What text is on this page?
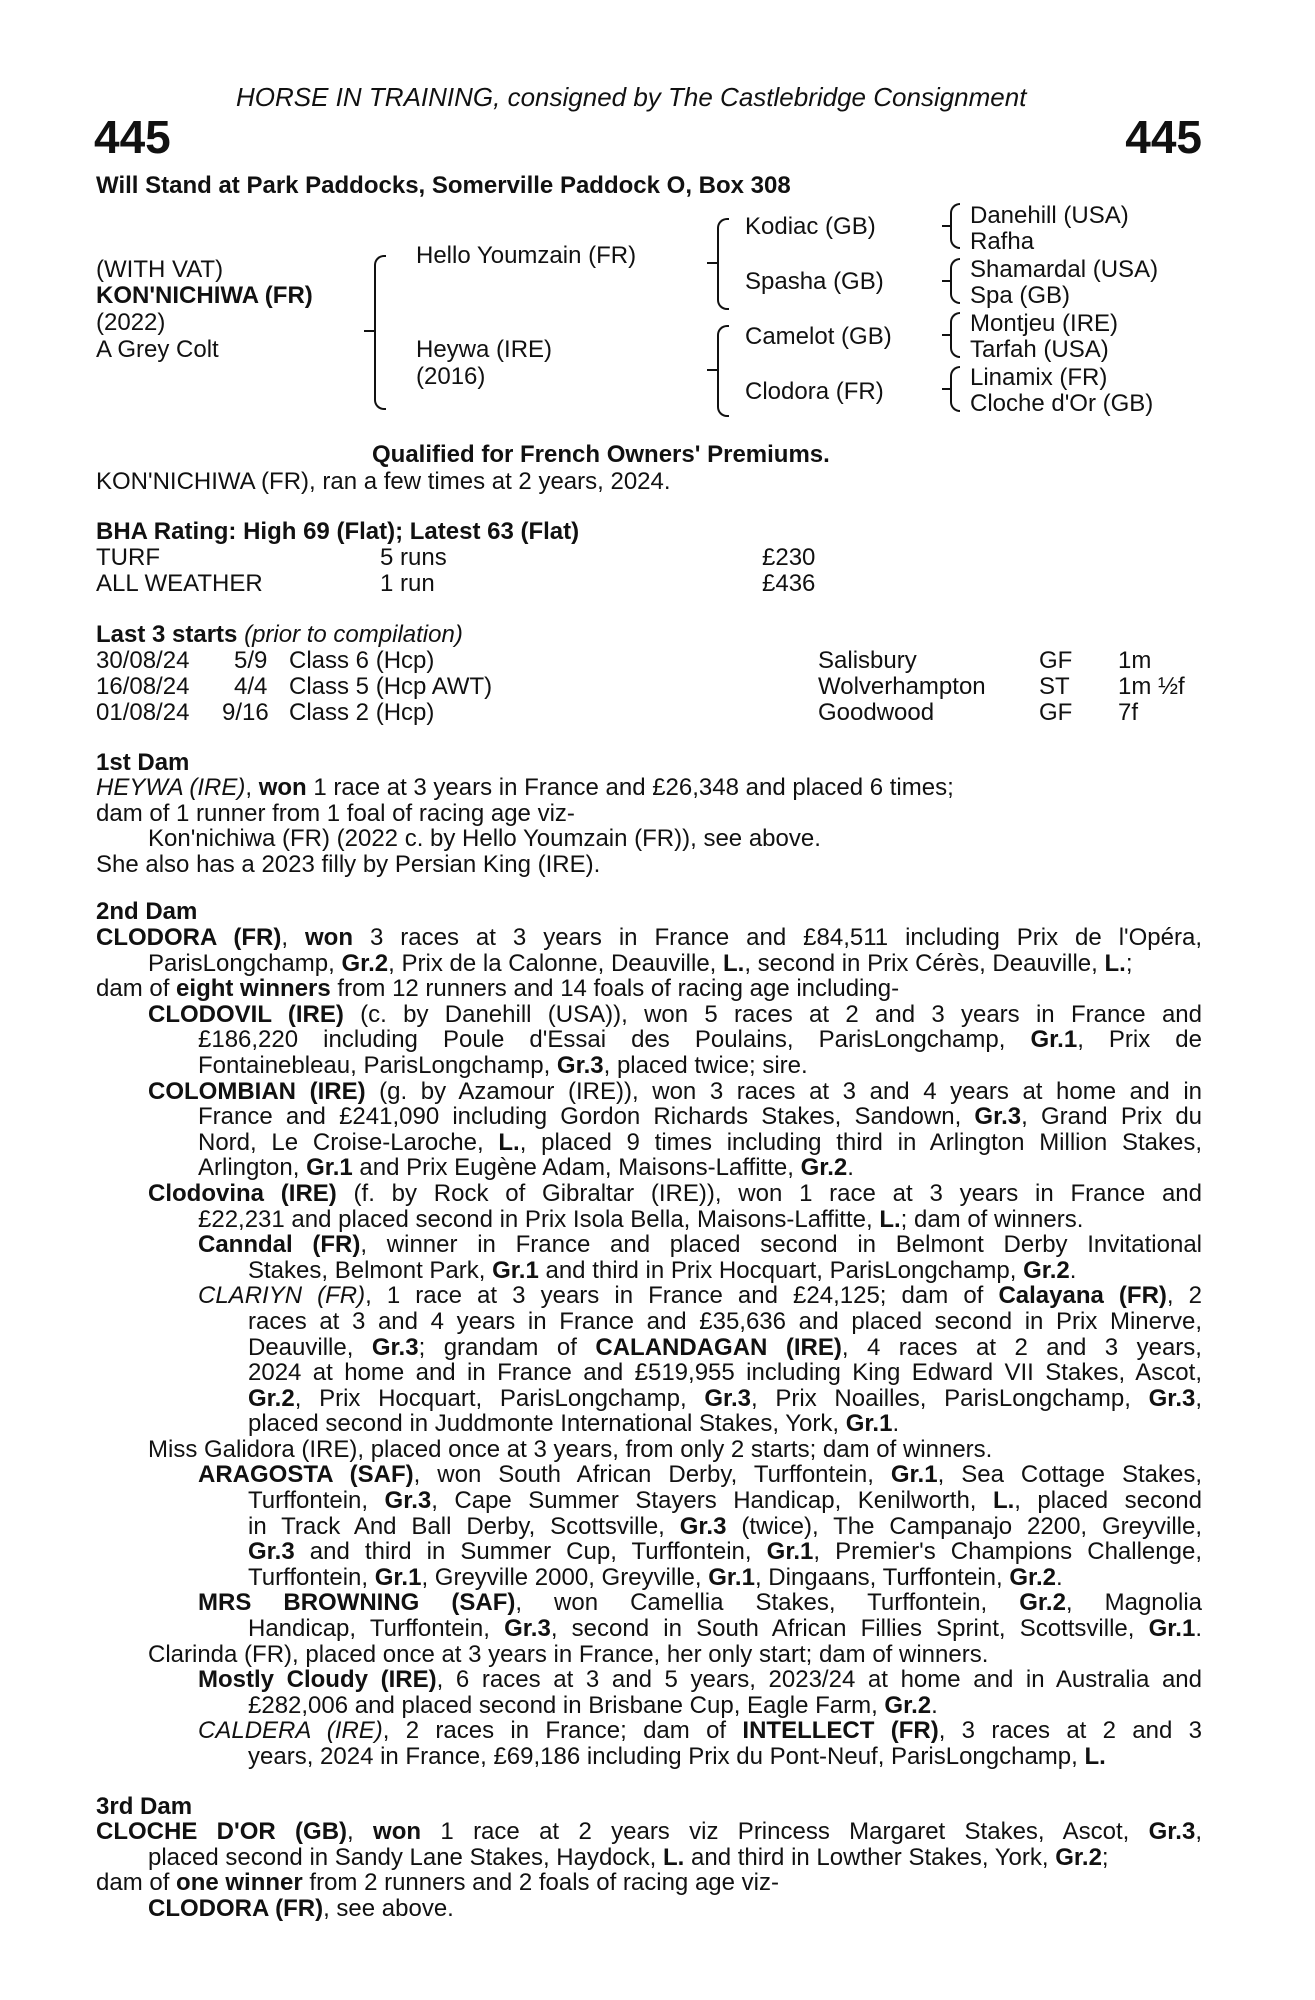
HORSE IN TRAINING, consigned by The Castlebridge Consignment
445	445
Will Stand at Park Paddocks, Somerville Paddock O, Box 308
(WITH VAT)
KON'NICHIWA (FR)
(2022)
A Grey Colt
Hello Youmzain (FR)
Heywa (IRE)
(2016)
Kodiac (GB)
Spasha (GB)
Camelot (GB)
Clodora (FR)
Danehill (USA)
Rafha
Shamardal (USA)
Spa (GB)
Montjeu (IRE)
Tarfah (USA)
Linamix (FR)
Cloche d'Or (GB)
Qualified for French Owners' Premiums.
KON'NICHIWA (FR), ran a few times at 2 years, 2024.
BHA Rating: High 69 (Flat); Latest 63 (Flat)
TURF	5 runs	£230
ALL WEATHER	1 run	£436
Last 3 starts (prior to compilation)
30/08/24 5/9 Class 6 (Hcp)	Salisbury	GF 1m
16/08/24 4/4 Class 5 (Hcp AWT)	Wolverhampton ST 1m ½f
01/08/24 9/16 Class 2 (Hcp)	Goodwood	GF 7f
1st Dam
HEYWA (IRE), won 1 race at 3 years in France and £26,348 and placed 6 times;
dam of 1 runner from 1 foal of racing age viz-
Kon'nichiwa (FR) (2022 c. by Hello Youmzain (FR)), see above.
She also has a 2023 filly by Persian King (IRE).
2nd Dam
CLODORA (FR), won 3 races at 3 years in France and £84,511 including Prix de l'Opéra,
ParisLongchamp, Gr.2, Prix de la Calonne, Deauville, L., second in Prix Cérès, Deauville, L.;
dam of eight winners from 12 runners and 14 foals of racing age including-
CLODOVIL (IRE) (c. by Danehill (USA)), won 5 races at 2 and 3 years in France and
£186,220 including Poule d'Essai des Poulains, ParisLongchamp, Gr.1, Prix de
Fontainebleau, ParisLongchamp, Gr.3, placed twice; sire.
COLOMBIAN (IRE) (g. by Azamour (IRE)), won 3 races at 3 and 4 years at home and in
France and £241,090 including Gordon Richards Stakes, Sandown, Gr.3, Grand Prix du
Nord, Le Croise-Laroche, L., placed 9 times including third in Arlington Million Stakes,
Arlington, Gr.1 and Prix Eugène Adam, Maisons-Laffitte, Gr.2.
Clodovina (IRE) (f. by Rock of Gibraltar (IRE)), won 1 race at 3 years in France and
£22,231 and placed second in Prix Isola Bella, Maisons-Laffitte, L.; dam of winners.
Canndal (FR), winner in France and placed second in Belmont Derby Invitational
Stakes, Belmont Park, Gr.1 and third in Prix Hocquart, ParisLongchamp, Gr.2.
CLARIYN (FR), 1 race at 3 years in France and £24,125; dam of Calayana (FR), 2
races at 3 and 4 years in France and £35,636 and placed second in Prix Minerve,
Deauville, Gr.3; grandam of CALANDAGAN (IRE), 4 races at 2 and 3 years,
2024 at home and in France and £519,955 including King Edward VII Stakes, Ascot,
Gr.2, Prix Hocquart, ParisLongchamp, Gr.3, Prix Noailles, ParisLongchamp, Gr.3,
placed second in Juddmonte International Stakes, York, Gr.1.
Miss Galidora (IRE), placed once at 3 years, from only 2 starts; dam of winners.
ARAGOSTA (SAF), won South African Derby, Turffontein, Gr.1, Sea Cottage Stakes,
Turffontein, Gr.3, Cape Summer Stayers Handicap, Kenilworth, L., placed second
in Track And Ball Derby, Scottsville, Gr.3 (twice), The Campanajo 2200, Greyville,
Gr.3 and third in Summer Cup, Turffontein, Gr.1, Premier's Champions Challenge,
Turffontein, Gr.1, Greyville 2000, Greyville, Gr.1, Dingaans, Turffontein, Gr.2.
MRS BROWNING (SAF), won Camellia Stakes, Turffontein, Gr.2, Magnolia
Handicap, Turffontein, Gr.3, second in South African Fillies Sprint, Scottsville, Gr.1.
Clarinda (FR), placed once at 3 years in France, her only start; dam of winners.
Mostly Cloudy (IRE), 6 races at 3 and 5 years, 2023/24 at home and in Australia and
£282,006 and placed second in Brisbane Cup, Eagle Farm, Gr.2.
CALDERA (IRE), 2 races in France; dam of INTELLECT (FR), 3 races at 2 and 3
years, 2024 in France, £69,186 including Prix du Pont-Neuf, ParisLongchamp, L.
3rd Dam
CLOCHE D'OR (GB), won 1 race at 2 years viz Princess Margaret Stakes, Ascot, Gr.3,
placed second in Sandy Lane Stakes, Haydock, L. and third in Lowther Stakes, York, Gr.2;
dam of one winner from 2 runners and 2 foals of racing age viz-
CLODORA (FR), see above.
